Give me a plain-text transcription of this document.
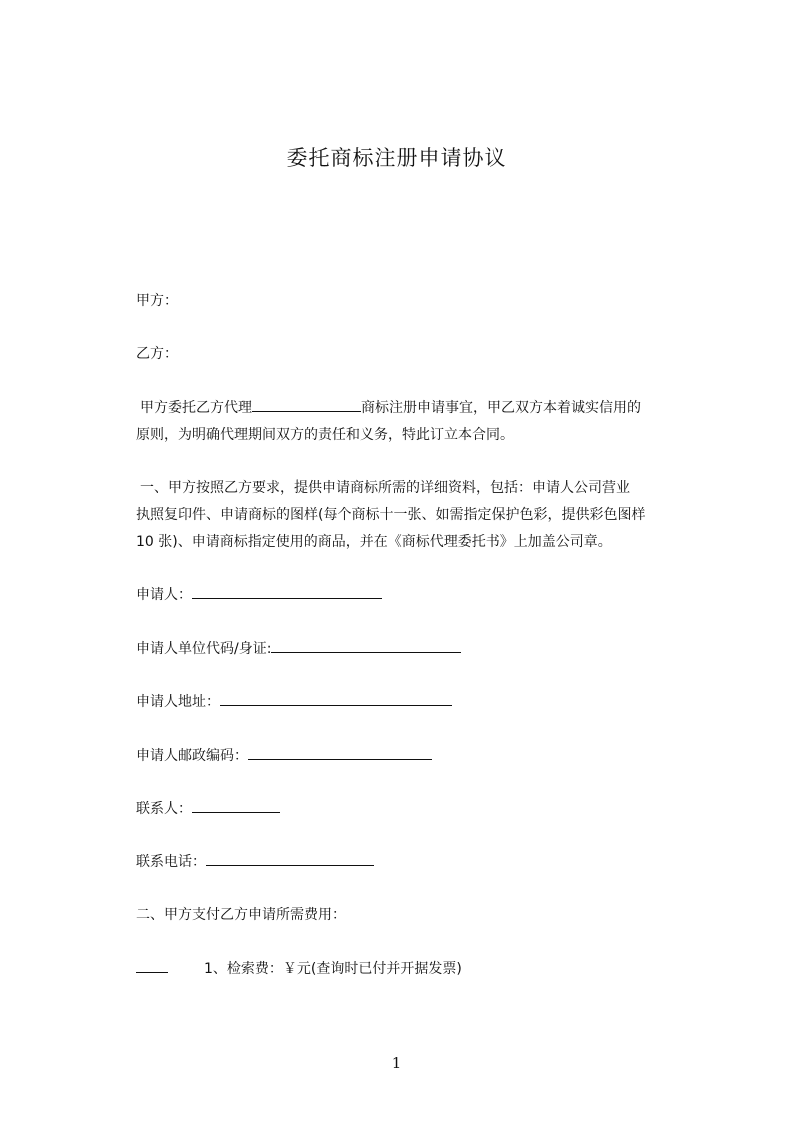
委托商标注册申请协议
甲方：
乙方：
甲方委托乙方代理	商标注册申请事宜，甲乙双方本着诚实信用的
原则，为明确代理期间双方的责任和义务，特此订立本合同。
一、甲方按照乙方要求，提供申请商标所需的详细资料，包括：申请人公司营业
执照复印件、申请商标的图样(每个商标十一张、如需指定保护色彩，提供彩色图样
10 张)、申请商标指定使用的商品，并在《商标代理委托书》上加盖公司章。
申请人：
申请人单位代码/身证:
申请人地址：
申请人邮政编码：
联系人：
联系电话：
二、甲方支付乙方申请所需费用：
1、检索费：￥元(查询时已付并开据发票)
1
